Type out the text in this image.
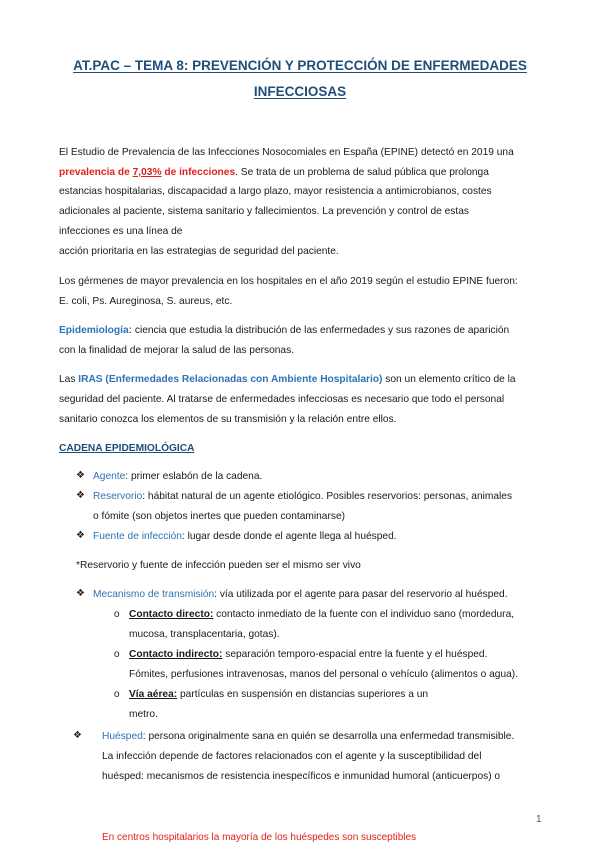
AT.PAC – TEMA 8: PREVENCIÓN Y PROTECCIÓN DE ENFERMEDADES
INFECCIOSAS
El Estudio de Prevalencia de las Infecciones Nosocomiales en España (EPINE) detectó en 2019 una
prevalencia de 7,03% de infecciones. Se trata de un problema de salud pública que prolonga
estancias hospitalarias, discapacidad a largo plazo, mayor resistencia a antimicrobianos, costes
adicionales al paciente, sistema sanitario y fallecimientos. La prevención y control de estas
infecciones es una línea de
acción prioritaria en las estrategias de seguridad del paciente.
Los gérmenes de mayor prevalencia en los hospitales en el año 2019 según el estudio EPINE fueron:
E. coli, Ps. Aureginosa, S. aureus, etc.
Epidemiología: ciencia que estudia la distribución de las enfermedades y sus razones de aparición
con la finalidad de mejorar la salud de las personas.
Las IRAS (Enfermedades Relacionadas con Ambiente Hospitalario) son un elemento crítico de la
seguridad del paciente. Al tratarse de enfermedades infecciosas es necesario que todo el personal
sanitario conozca los elementos de su transmisión y la relación entre ellos.
CADENA EPIDEMIOLÓGICA
❖ Agente: primer eslabón de la cadena.
❖ Reservorio: hábitat natural de un agente etiológico. Posibles reservorios: personas, animales
o fómite (son objetos inertes que pueden contaminarse)
❖ Fuente de infección: lugar desde donde el agente llega al huésped.
*Reservorio y fuente de infección pueden ser el mismo ser vivo
❖ Mecanismo de transmisión: vía utilizada por el agente para pasar del reservorio al huésped.
o Contacto directo: contacto inmediato de la fuente con el individuo sano (mordedura,
mucosa, transplacentaria, gotas).
o Contacto indirecto: separación temporo-espacial entre la fuente y el huésped.
Fómites, perfusiones intravenosas, manos del personal o vehículo (alimentos o agua).
o Vía aérea: partículas en suspensión en distancias superiores a un
metro.
❖ Huésped: persona originalmente sana en quién se desarrolla una enfermedad transmisible.
La infección depende de factores relacionados con el agente y la susceptibilidad del
huésped: mecanismos de resistencia inespecíficos e inmunidad humoral (anticuerpos) o
1
En centros hospitalarios la mayoría de los huéspedes son susceptibles
